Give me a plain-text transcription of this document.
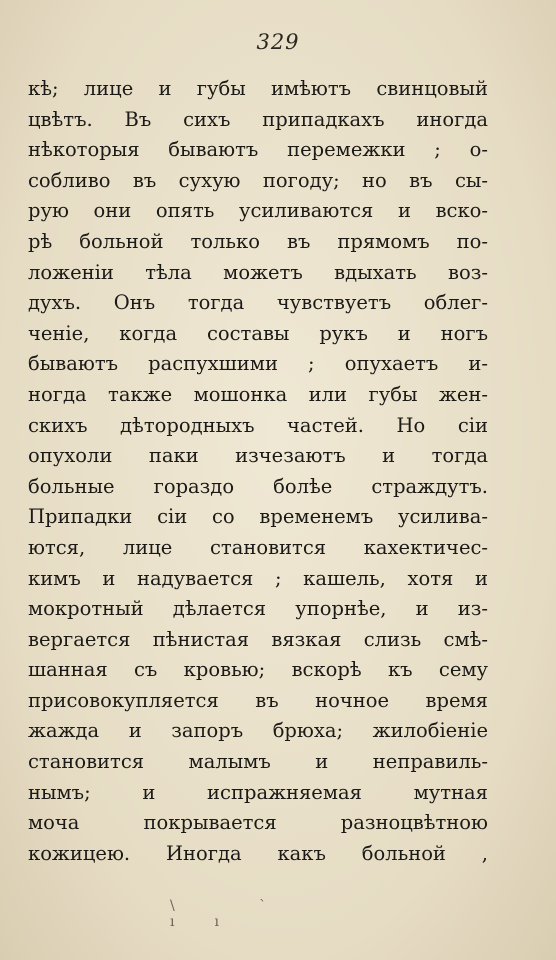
329
кѣ; лице и губы имѣютъ свинцовый
цвѣтъ. Въ сихъ припадкахъ иногда
нѣкоторыя бываютъ перемежки ; о-
собливо въ сухую погоду; но въ сы-
рую они опять усиливаются и вско-
рѣ больной только въ прямомъ по-
ложенiи тѣла можетъ вдыхать воз-
духъ. Онъ тогда чувствуетъ облег-
ченiе, когда составы рукъ и ногъ
бываютъ распухшими ; опухаетъ и-
ногда также мошонка или губы жен-
скихъ дѣтородныхъ частей. Но сiи
опухоли паки изчезаютъ и тогда
больные гораздо болѣе страждутъ.
Припадки сiи со временемъ усилива-
ются, лице становится кахектичес-
кимъ и надувается ; кашель, хотя и
мокротный дѣлается упорнѣе, и из-
вергается пѣнистая вязкая слизь смѣ-
шанная съ кровью; вскорѣ къ сему
присовокупляется въ ночное время
жажда и запоръ брюха; жилобiенiе
становится малымъ и неправиль-
нымъ; и испражняемая мутная
моча покрывается разноцвѣтною
кожицею. Иногда какъ больной ,
\ ` ıı
